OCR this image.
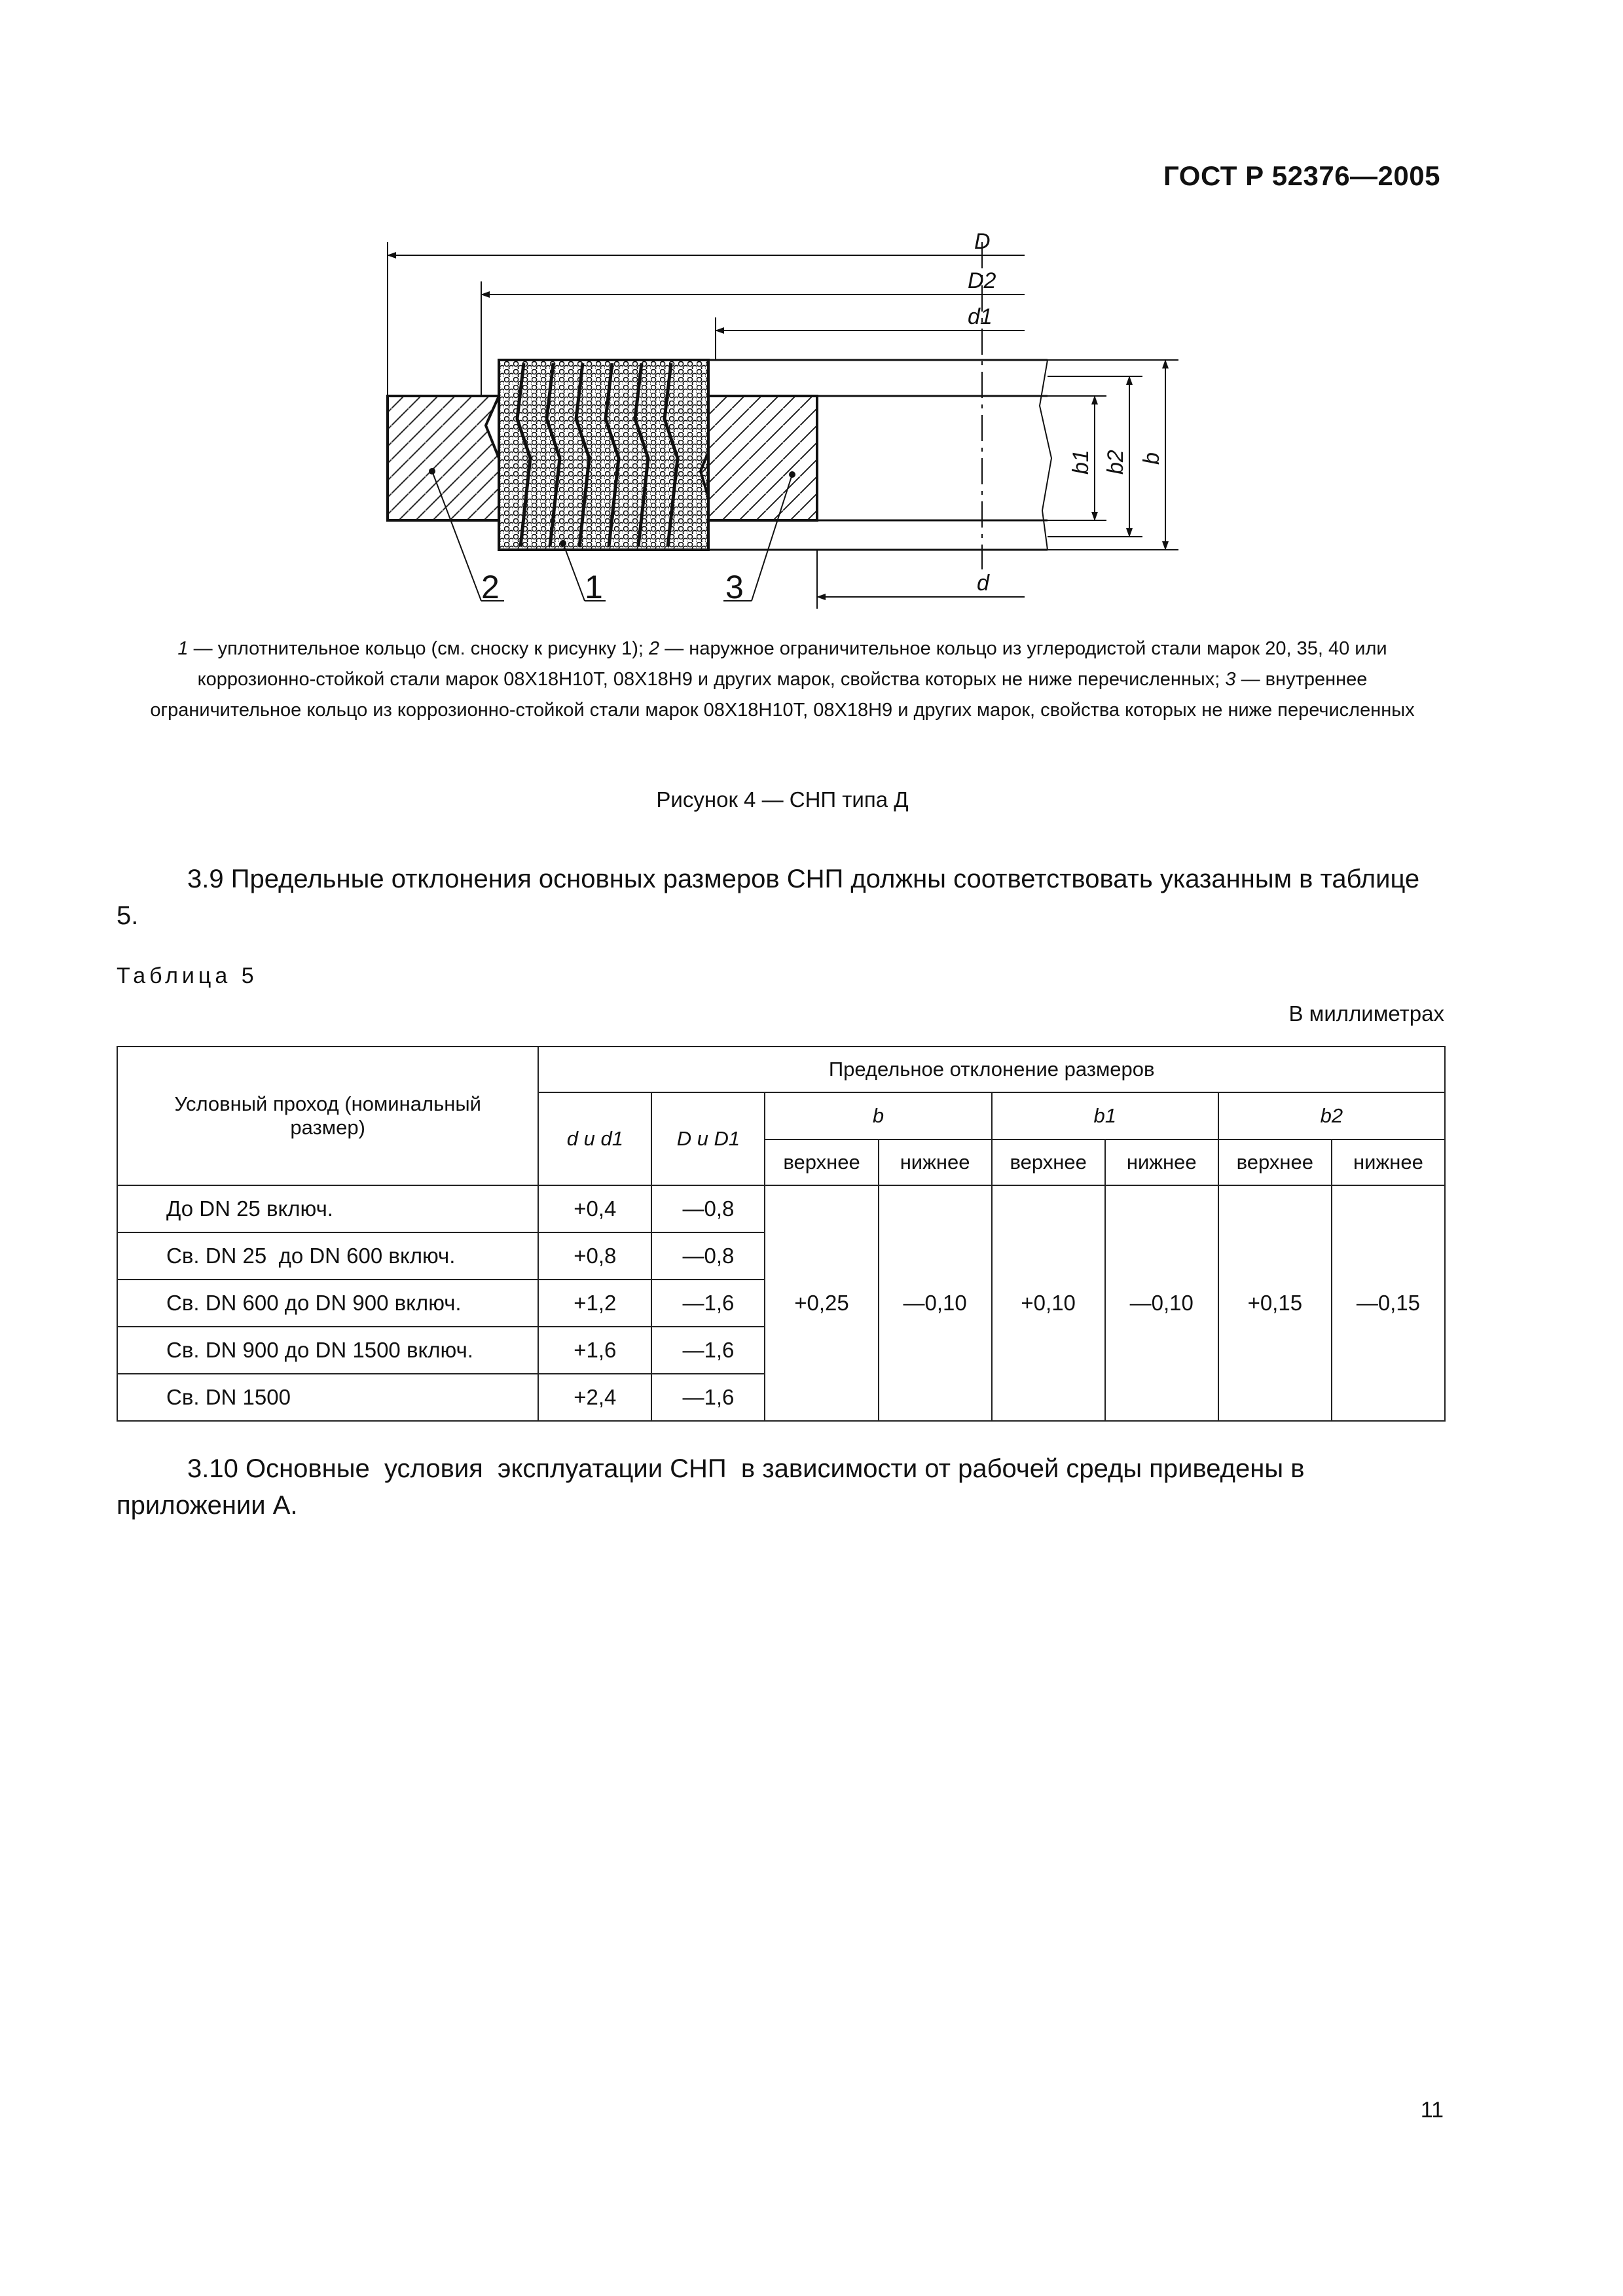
ГОСТ Р 52376—2005
D
D2
d1
d
b1 b2 b
2	1	3
1 — уплотнительное кольцо (см. сноску к рисунку 1); 2 — наружное ограничительное кольцо из углеродистой стали марок 20, 35, 40 или коррозионно-стойкой стали марок 08Х18Н10Т, 08Х18Н9 и других марок, свойства которых не ниже перечисленных; 3 — внутреннее ограничительное кольцо из коррозионно-стойкой стали марок 08Х18Н10Т, 08Х18Н9 и других марок, свойства которых не ниже перечисленных
Рисунок 4 — СНП типа Д
3.9 Предельные отклонения основных размеров СНП должны соответствовать указанным в таблице 5.
Таблица 5
В миллиметрах
Условный проход (номинальный размер)	Предельное отклонение размеров							
	d и d1	D и D1	b		b1		b2	
			верхнее	нижнее	верхнее	нижнее	верхнее	нижнее
До DN 25 включ.	+0,4	—0,8	+0,25	—0,10	+0,10	—0,10	+0,15	—0,15
Св. DN 25  до DN 600 включ.	+0,8	—0,8						
Св. DN 600 до DN 900 включ.	+1,2	—1,6						
Св. DN 900 до DN 1500 включ.	+1,6	—1,6						
Св. DN 1500	+2,4	—1,6						
3.10 Основные  условия  эксплуатации СНП  в зависимости от рабочей среды приведены в приложении А.
11
